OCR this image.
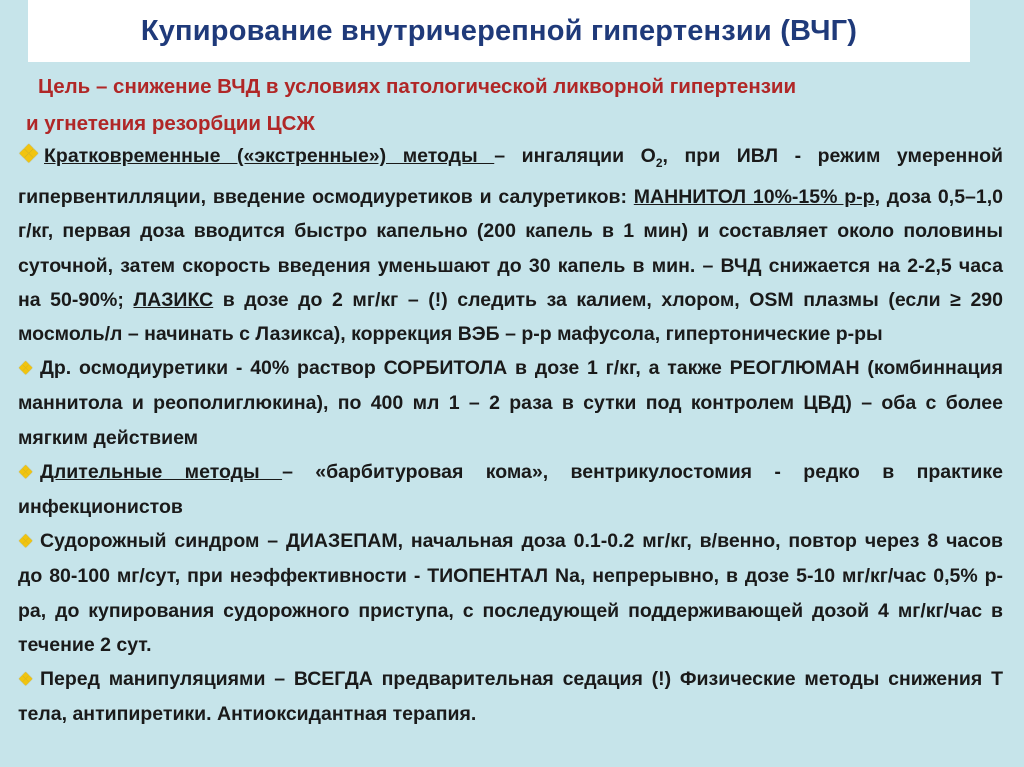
Купирование внутричерепной гипертензии (ВЧГ)
Цель – снижение ВЧД в условиях патологической ликворной гипертензии
и угнетения резорбции ЦСЖ

❖ Кратковременные («экстренные») методы – ингаляции $О_2$, при ИВЛ - режим умеренной гипервентилляции, введение осмодиуретиков и салуретиков: МАННИТОЛ 10%-15% р-р, доза 0,5–1,0 г/кг, первая доза вводится быстро капельно (200 капель в 1 мин) и составляет около половины суточной, затем скорость введения уменьшают до 30 капель в мин. – ВЧД снижается на 2-2,5 часа на 50-90%; ЛАЗИКС в дозе до 2 мг/кг – (!) следить за калием, хлором, OSM плазмы (если ≥ 290 мосмоль/л – начинать с Лазикса), коррекция ВЭБ – р-р мафусола, гипертонические р-ры

❖ Др. осмодиуретики - 40% раствор СОРБИТОЛА в дозе 1 г/кг, а также РЕОГЛЮМАН (комбиннация маннитола и реополиглюкина), по 400 мл 1 – 2 раза в сутки под контролем ЦВД) – оба с более мягким действием

❖ Длительные методы – «барбитуровая кома», вентрикулостомия - редко в практике инфекционистов

❖ Судорожный синдром – ДИАЗЕПАМ, начальная доза 0.1-0.2 мг/кг, в/венно, повтор через 8 часов до 80-100 мг/сут, при неэффективности - ТИОПЕНТАЛ Na, непрерывно, в дозе 5-10 мг/кг/час 0,5% р-ра, до купирования судорожного приступа, с последующей поддерживающей дозой 4 мг/кг/час в течение 2 сут.

❖ Перед манипуляциями – ВСЕГДА предварительная седация (!) Физические методы снижения Т тела, антипиретики. Антиоксидантная терапия.
